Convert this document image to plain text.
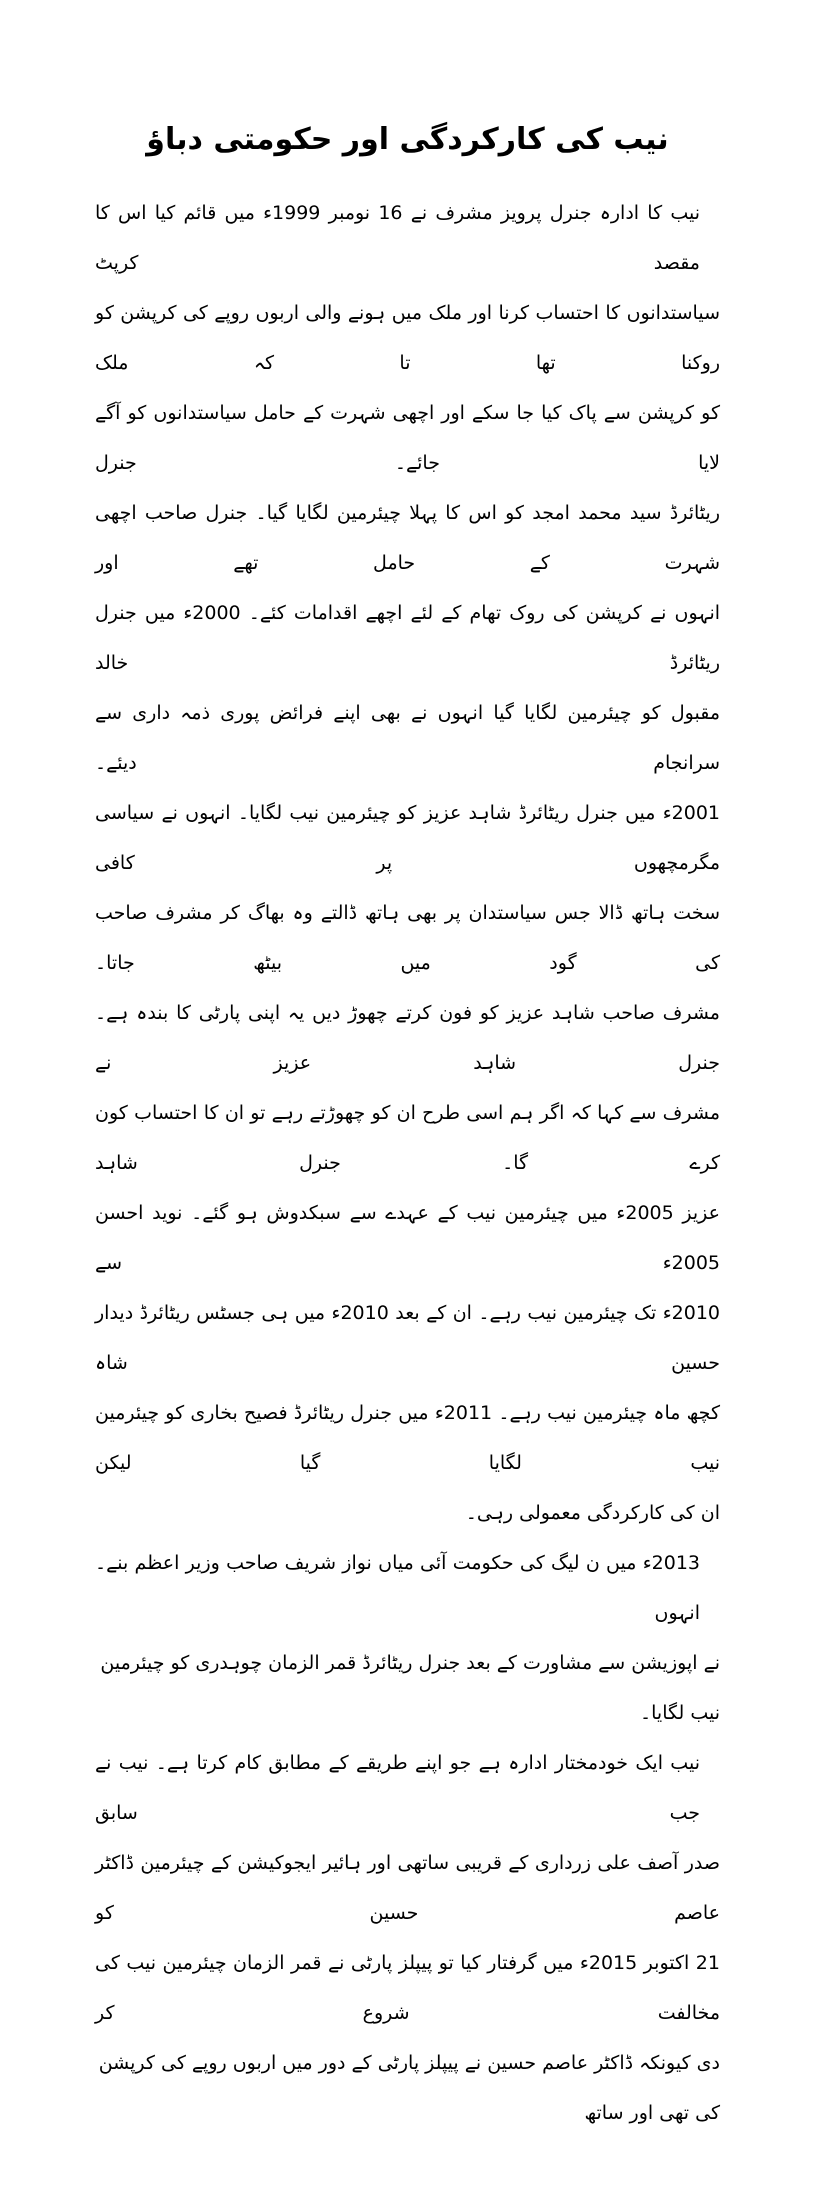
نیب کی کارکردگی اور حکومتی دباؤ
نیب کا ادارہ جنرل پرویز مشرف نے 16 نومبر 1999ء میں قائم کیا اس کا مقصد کرپٹ
سیاستدانوں کا احتساب کرنا اور ملک میں ہونے والی اربوں روپے کی کرپشن کو روکنا تھا تا کہ ملک
کو کرپشن سے پاک کیا جا سکے اور اچھی شہرت کے حامل سیاستدانوں کو آگے لایا جائے۔ جنرل
ریٹائرڈ سید محمد امجد کو اس کا پہلا چیئرمین لگایا گیا۔ جنرل صاحب اچھی شہرت کے حامل تھے اور
انہوں نے کرپشن کی روک تھام کے لئے اچھے اقدامات کئے۔ 2000ء میں جنرل ریٹائرڈ خالد
مقبول کو چیئرمین لگایا گیا انہوں نے بھی اپنے فرائض پوری ذمہ داری سے سرانجام دیئے۔
2001ء میں جنرل ریٹائرڈ شاہد عزیز کو چیئرمین نیب لگایا۔ انہوں نے سیاسی مگرمچھوں پر کافی
سخت ہاتھ ڈالا جس سیاستدان پر بھی ہاتھ ڈالتے وہ بھاگ کر مشرف صاحب کی گود میں بیٹھ جاتا۔
مشرف صاحب شاہد عزیز کو فون کرتے چھوڑ دیں یہ اپنی پارٹی کا بندہ ہے۔ جنرل شاہد عزیز نے
مشرف سے کہا کہ اگر ہم اسی طرح ان کو چھوڑتے رہے تو ان کا احتساب کون کرے گا۔ جنرل شاہد
عزیز 2005ء میں چیئرمین نیب کے عہدے سے سبکدوش ہو گئے۔ نوید احسن 2005ء سے
2010ء تک چیئرمین نیب رہے۔ ان کے بعد 2010ء میں ہی جسٹس ریٹائرڈ دیدار حسین شاہ
کچھ ماہ چیئرمین نیب رہے۔ 2011ء میں جنرل ریٹائرڈ فصیح بخاری کو چیئرمین نیب لگایا گیا لیکن
ان کی کارکردگی معمولی رہی۔
2013ء میں ن لیگ کی حکومت آئی میاں نواز شریف صاحب وزیر اعظم بنے۔ انہوں
نے اپوزیشن سے مشاورت کے بعد جنرل ریٹائرڈ قمر الزمان چوہدری کو چیئرمین نیب لگایا۔
نیب ایک خودمختار ادارہ ہے جو اپنے طریقے کے مطابق کام کرتا ہے۔ نیب نے جب سابق
صدر آصف علی زرداری کے قریبی ساتھی اور ہائیر ایجوکیشن کے چیئرمین ڈاکٹر عاصم حسین کو
21 اکتوبر 2015ء میں گرفتار کیا تو پیپلز پارٹی نے قمر الزمان چیئرمین نیب کی مخالفت شروع کر
دی کیونکہ ڈاکٹر عاصم حسین نے پیپلز پارٹی کے دور میں اربوں روپے کی کرپشن کی تھی اور ساتھ
